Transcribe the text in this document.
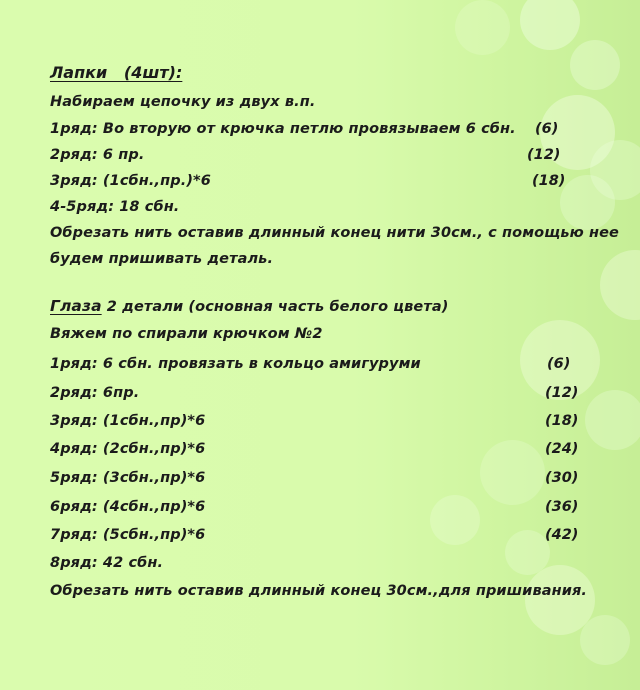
Лапки   (4шт):
Набираем цепочку из двух в.п.
1ряд: Во вторую от крючка петлю провязываем 6 сбн. (6)
2ряд: 6 пр.	(12)
3ряд: (1сбн.,пр.)*6	(18)
4-5ряд: 18 сбн.
Обрезать нить оставив длинный конец нити 30см., с помощью нее
будем пришивать деталь.
Глаза 2 детали (основная часть белого цвета)
Вяжем по спирали крючком №2
1ряд: 6 сбн. провязать в кольцо амигуруми	(6)
2ряд: 6пр.	(12)
3ряд: (1сбн.,пр)*6	(18)
4ряд: (2сбн.,пр)*6	(24)
5ряд: (3сбн.,пр)*6	(30)
6ряд: (4сбн.,пр)*6	(36)
7ряд: (5сбн.,пр)*6	(42)
8ряд: 42 сбн.
Обрезать нить оставив длинный конец 30см.,для пришивания.
